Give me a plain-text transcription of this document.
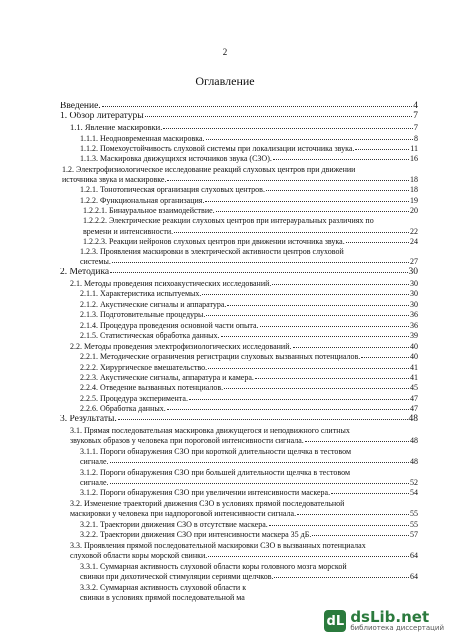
2
Оглавление
Введение.	4
1. Обзор литературы	7
1.1. Явление маскировки.	7
1.1.1. Неодновременная маскировка.	8
1.1.2. Помехоустойчивость слуховой системы при локализации источника звука.	11
1.1.3. Маскировка движущихся источников звука (СЗО).	16
1.2. Электрофизиологическое исследование реакций слуховых центров при движении
источника звука и маскировке.	18
1.2.1. Тонотопическая организация слуховых центров.	18
1.2.2. Функциональная организация.	19
1.2.2.1. Бинауральное взаимодействие.	20
1.2.2.2. Электрические реакции слуховых центров при интерауральных различиях по
времени и интенсивности.	22
1.2.2.3. Реакции нейронов слуховых центров при движении источника звука.	24
1.2.3. Проявления маскировки в электрической активности центров слуховой
системы.	27
2. Методика	30
2.1. Методы проведения психоакустических исследований.	30
2.1.1. Характеристика испытуемых.	30
2.1.2. Акустические сигналы и аппаратура.	30
2.1.3. Подготовительные процедуры.	36
2.1.4. Процедура проведения основной части опыта.	36
2.1.5. Статистическая обработка данных.	39
2.2. Методы проведения электрофизиологических исследований.	40
2.2.1. Методические ограничения регистрации слуховых вызванных потенциалов.	40
2.2.2. Хирургическое вмешательство.	41
2.2.3. Акустические сигналы, аппаратура и камера.	41
2.2.4. Отведение вызванных потенциалов.	45
2.2.5. Процедура эксперимента.	47
2.2.6. Обработка данных.	47
3. Результаты.	48
3.1. Прямая последовательная маскировка движущегося и неподвижного слитных
звуковых образов у человека при пороговой интенсивности сигнала.	48
3.1.1. Пороги обнаружения СЗО при короткой длительности щелчка в тестовом
сигнале.	48
3.1.2. Пороги обнаружения СЗО при большей длительности щелчка в тестовом
сигнале.	52
3.1.2. Пороги обнаружения СЗО при увеличении интенсивности маскера.	54
3.2. Изменение траекторий движения СЗО в условиях прямой последовательной
маскировки у человека при надпороговой интенсивности сигнала.	55
3.2.1. Траектории движения СЗО в отсутствие маскера.	55
3.2.2. Траектории движения СЗО при интенсивности маскера 35 дБ.	57
3.3. Проявления прямой последовательной маскировки СЗО в вызванных потенциалах
слуховой области коры морской свинки.	64
3.3.1. Суммарная активность слуховой области коры головного мозга морской
свинки при дихотической стимуляции сериями щелчков.	64
3.3.2. Суммарная активность слуховой области к
свинки в условиях прямой последовательной ма
dL dsLib.net
библиотека диссертаций
